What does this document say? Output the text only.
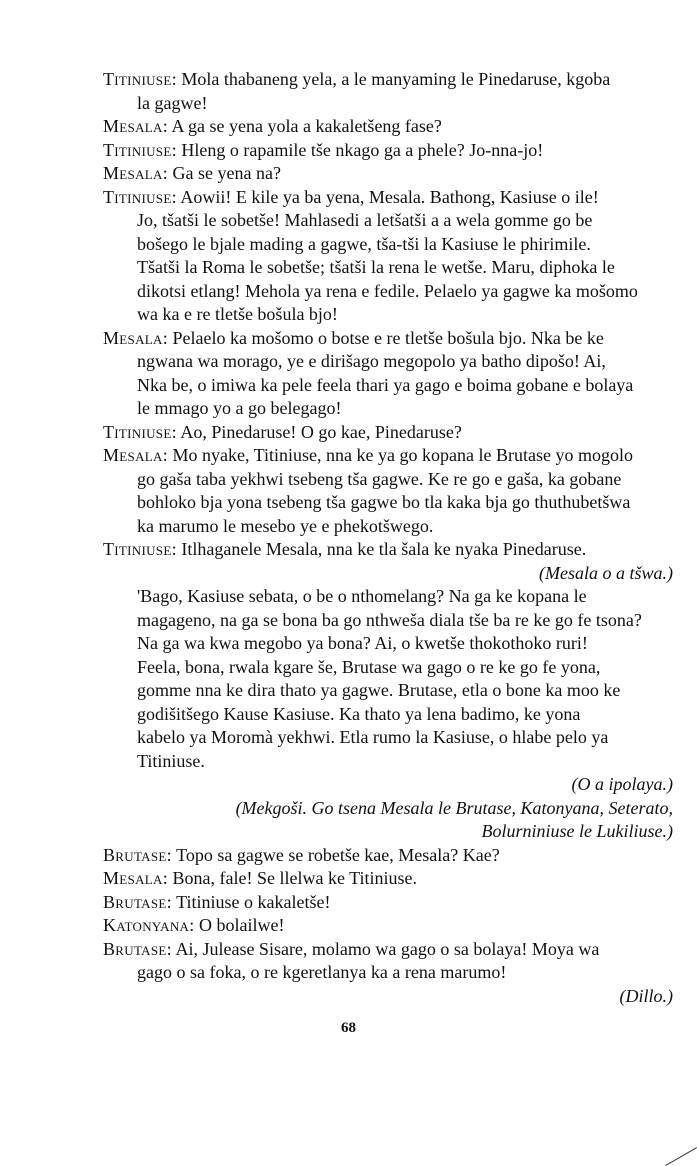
Titiniuse: Mola thabaneng yela, a le manyaming le Pinedaruse, kgoba
la gagwe!
Mesala: A ga se yena yola a kakaletšeng fase?
Titiniuse: Hleng o rapamile tše nkago ga a phele? Jo-nna-jo!
Mesala: Ga se yena na?
Titiniuse: Aowii! E kile ya ba yena, Mesala. Bathong, Kasiuse o ile!
Jo, tšatši le sobetše! Mahlasedi a letšatši a a wela gomme go be
bošego le bjale mading a gagwe, tša-tši la Kasiuse le phirimile.
Tšatši la Roma le sobetše; tšatši la rena le wetše. Maru, diphoka le
dikotsi etlang! Mehola ya rena e fedile. Pelaelo ya gagwe ka mošomo
wa ka e re tletše bošula bjo!
Mesala: Pelaelo ka mošomo o botse e re tletše bošula bjo. Nka be ke
ngwana wa morago, ye e dirišago megopolo ya batho dipošo! Ai,
Nka be, o imiwa ka pele feela thari ya gago e boima gobane e bolaya
le mmago yo a go belegago!
Titiniuse: Ao, Pinedaruse! O go kae, Pinedaruse?
Mesala: Mo nyake, Titiniuse, nna ke ya go kopana le Brutase yo mogolo
go gaša taba yekhwi tsebeng tša gagwe. Ke re go e gaša, ka gobane
bohloko bja yona tsebeng tša gagwe bo tla kaka bja go thuthubetšwa
ka marumo le mesebo ye e phekotšwego.
Titiniuse: Itlhaganele Mesala, nna ke tla šala ke nyaka Pinedaruse.
(Mesala o a tšwa.)
'Bago, Kasiuse sebata, o be o nthomelang? Na ga ke kopana le
magageno, na ga se bona ba go nthweša diala tše ba re ke go fe tsona?
Na ga wa kwa megobo ya bona? Ai, o kwetše thokothoko ruri!
Feela, bona, rwala kgare še, Brutase wa gago o re ke go fe yona,
gomme nna ke dira thato ya gagwe. Brutase, etla o bone ka moo ke
godišitšego Kause Kasiuse. Ka thato ya lena badimo, ke yona
kabelo ya Moromà yekhwi. Etla rumo la Kasiuse, o hlabe pelo ya
Titiniuse.
(O a ipolaya.)
(Mekgoši. Go tsena Mesala le Brutase, Katonyana, Seterato,
Bolurniniuse le Lukiliuse.)
Brutase: Topo sa gagwe se robetše kae, Mesala? Kae?
Mesala: Bona, fale! Se llelwa ke Titiniuse.
Brutase: Titiniuse o kakaletše!
Katonyana: O bolailwe!
Brutase: Ai, Julease Sisare, molamo wa gago o sa bolaya! Moya wa
gago o sa foka, o re kgeretlanya ka a rena marumo!
(Dillo.)
68
